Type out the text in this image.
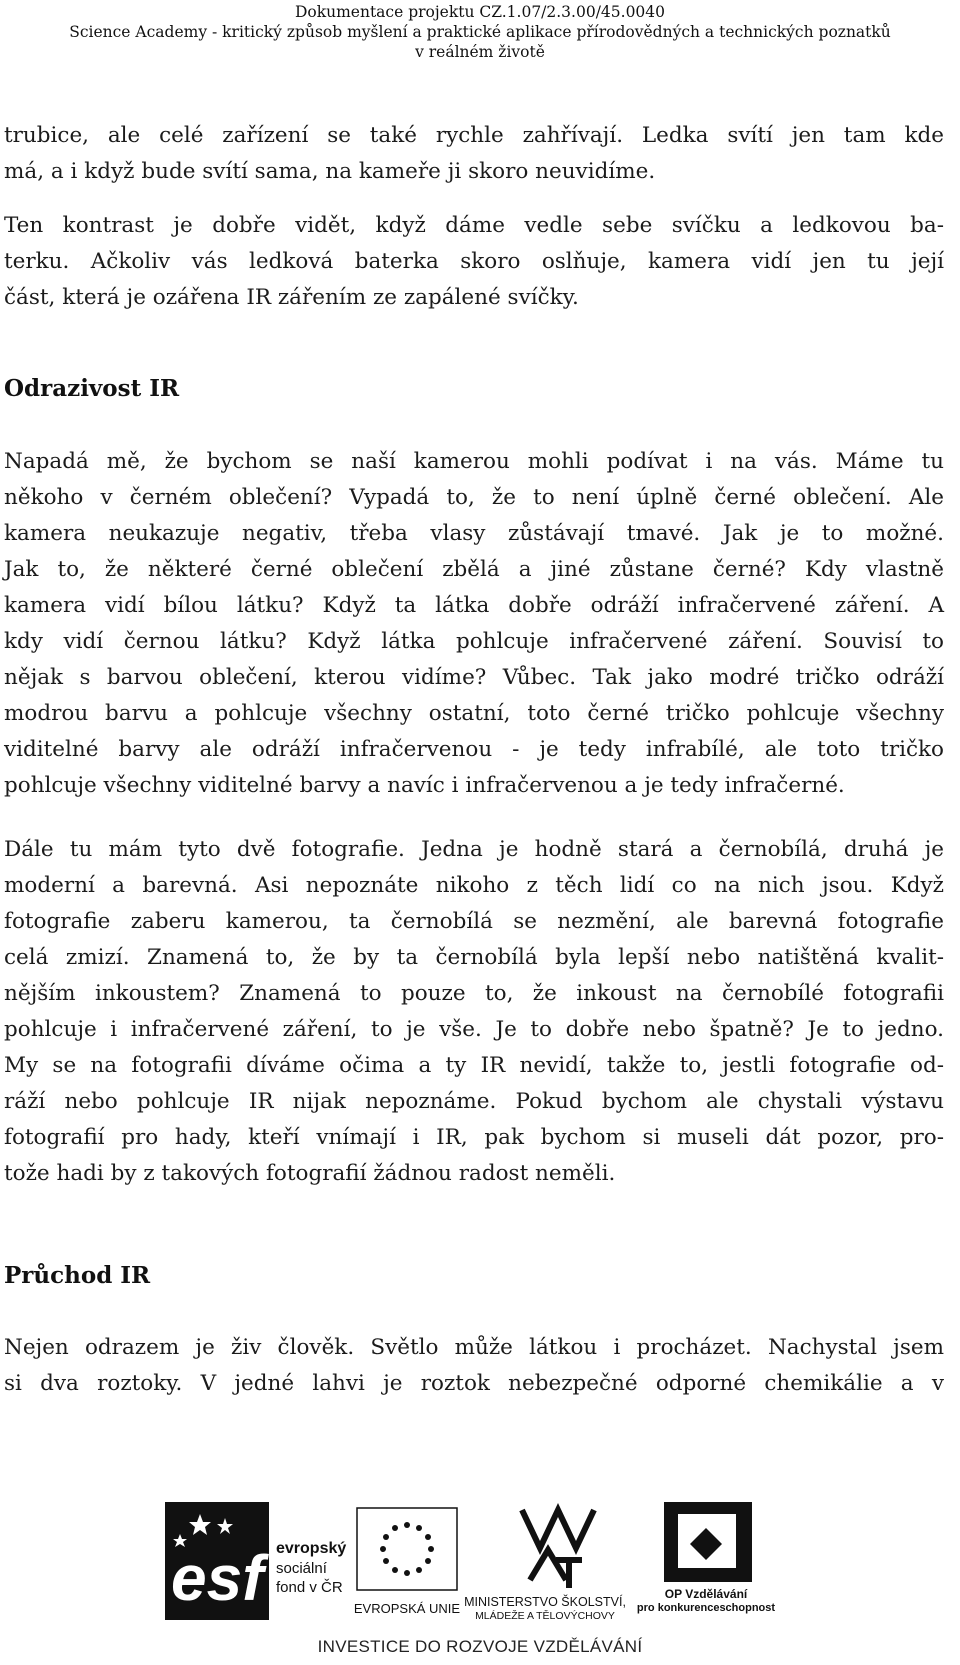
Dokumentace projektu CZ.1.07/2.3.00/45.0040
Science Academy - kritický způsob myšlení a praktické aplikace přírodovědných a technických poznatků
v reálném životě
trubice, ale celé zařízení se také rychle zahřívají. Ledka svítí jen tam kde
má, a i když bude svítí sama, na kameře ji skoro neuvidíme.
Ten kontrast je dobře vidět, když dáme vedle sebe svíčku a ledkovou ba-
terku. Ačkoliv vás ledková baterka skoro oslňuje, kamera vidí jen tu její
část, která je ozářena IR zářením ze zapálené svíčky.
Odrazivost IR
Napadá mě, že bychom se naší kamerou mohli podívat i na vás. Máme tu
někoho v černém oblečení? Vypadá to, že to není úplně černé oblečení. Ale
kamera neukazuje negativ, třeba vlasy zůstávají tmavé. Jak je to možné.
Jak to, že některé černé oblečení zbělá a jiné zůstane černé? Kdy vlastně
kamera vidí bílou látku? Když ta látka dobře odráží infračervené záření. A
kdy vidí černou látku? Když látka pohlcuje infračervené záření. Souvisí to
nějak s barvou oblečení, kterou vidíme? Vůbec. Tak jako modré tričko odráží
modrou barvu a pohlcuje všechny ostatní, toto černé tričko pohlcuje všechny
viditelné barvy ale odráží infračervenou - je tedy infrabílé, ale toto tričko
pohlcuje všechny viditelné barvy a navíc i infračervenou a je tedy infračerné.
Dále tu mám tyto dvě fotografie. Jedna je hodně stará a černobílá, druhá je
moderní a barevná. Asi nepoznáte nikoho z těch lidí co na nich jsou. Když
fotografie zaberu kamerou, ta černobílá se nezmění, ale barevná fotografie
celá zmizí. Znamená to, že by ta černobílá byla lepší nebo natištěná kvalit-
nějším inkoustem? Znamená to pouze to, že inkoust na černobílé fotografii
pohlcuje i infračervené záření, to je vše. Je to dobře nebo špatně? Je to jedno.
My se na fotografii díváme očima a ty IR nevidí, takže to, jestli fotografie od-
ráží nebo pohlcuje IR nijak nepoznáme. Pokud bychom ale chystali výstavu
fotografií pro hady, kteří vnímají i IR, pak bychom si museli dát pozor, pro-
tože hadi by z takových fotografií žádnou radost neměli.
Průchod IR
Nejen odrazem je živ člověk. Světlo může látkou i procházet. Nachystal jsem
si dva roztoky. V jedné lahvi je roztok nebezpečné odporné chemikálie a v
esf evropský
sociální
fond v ČR
EVROPSKÁ UNIE MINISTERSTVO ŠKOLSTVÍ,
MLÁDEŽE A TĚLOVÝCHOVY
OP Vzdělávání
pro konkurenceschopnost
INVESTICE DO ROZVOJE VZDĚLÁVÁNÍ
